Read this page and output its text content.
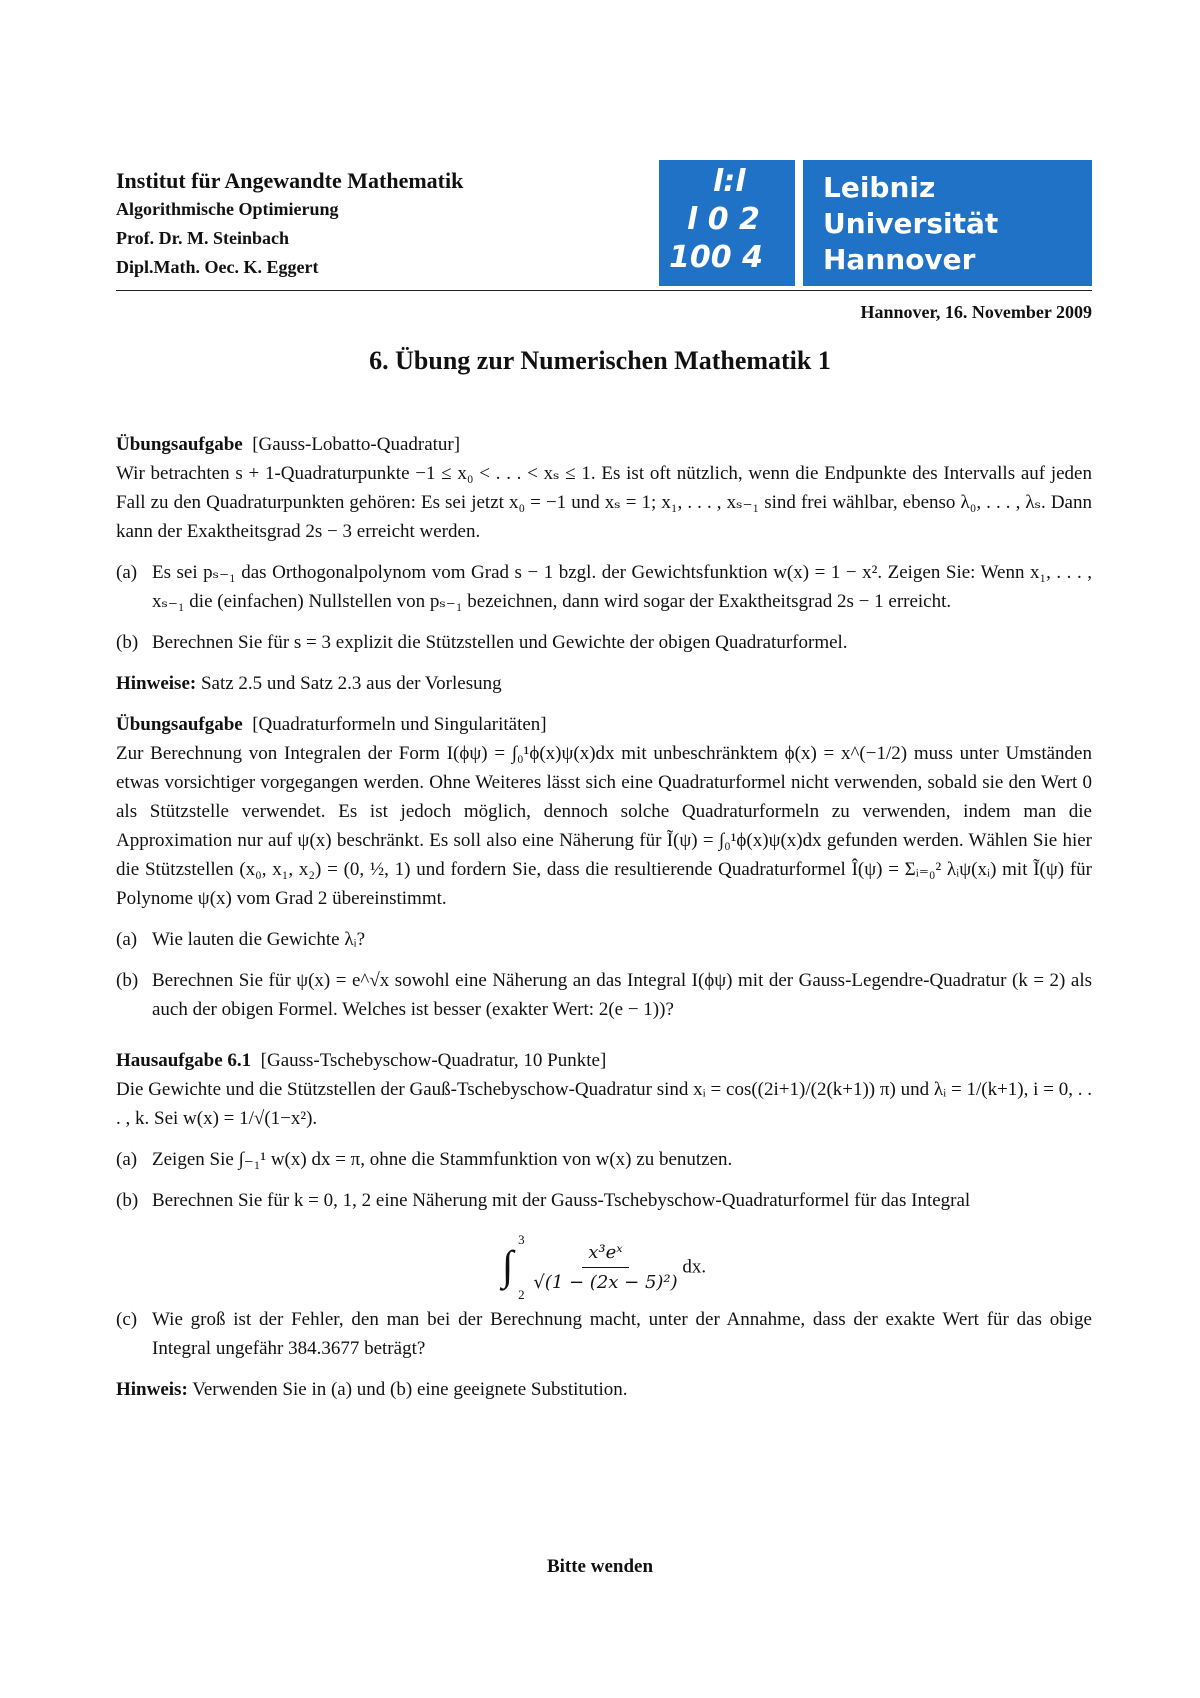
Institut für Angewandte Mathematik
Algorithmische Optimierung
Prof. Dr. M. Steinbach
Dipl.Math. Oec. K. Eggert
l:l
l 0 2
100 4
Leibniz
Universität
Hannover
Hannover, 16. November 2009
6. Übung zur Numerischen Mathematik 1

Übungsaufgabe [Gauss-Lobatto-Quadratur]

Wir betrachten s + 1-Quadraturpunkte −1 ≤ x₀ < . . . < xₛ ≤ 1. Es ist oft nützlich, wenn die Endpunkte des Intervalls auf jeden Fall zu den Quadraturpunkten gehören: Es sei jetzt x₀ = −1 und xₛ = 1; x₁, . . . , xₛ₋₁ sind frei wählbar, ebenso λ₀, . . . , λₛ. Dann kann der Exaktheitsgrad 2s − 3 erreicht werden.

(a) Es sei pₛ₋₁ das Orthogonalpolynom vom Grad s − 1 bzgl. der Gewichtsfunktion w(x) = 1 − x². Zeigen Sie: Wenn x₁, . . . , xₛ₋₁ die (einfachen) Nullstellen von pₛ₋₁ bezeichnen, dann wird sogar der Exaktheitsgrad 2s − 1 erreicht.
(b) Berechnen Sie für s = 3 explizit die Stützstellen und Gewichte der obigen Quadraturformel.

Hinweise: Satz 2.5 und Satz 2.3 aus der Vorlesung

Übungsaufgabe [Quadraturformeln und Singularitäten]

Zur Berechnung von Integralen der Form I(ϕψ) = ∫₀¹ϕ(x)ψ(x)dx mit unbeschränktem ϕ(x) = x^(−1/2) muss unter Umständen etwas vorsichtiger vorgegangen werden. Ohne Weiteres lässt sich eine Quadraturformel nicht verwenden, sobald sie den Wert 0 als Stützstelle verwendet. Es ist jedoch möglich, dennoch solche Quadraturformeln zu verwenden, indem man die Approximation nur auf ψ(x) beschränkt. Es soll also eine Näherung für Ĩ(ψ) = ∫₀¹ϕ(x)ψ(x)dx gefunden werden. Wählen Sie hier die Stützstellen (x₀, x₁, x₂) = (0, ½, 1) und fordern Sie, dass die resultierende Quadraturformel Î(ψ) = Σᵢ₌₀² λᵢψ(xᵢ) mit Ĩ(ψ) für Polynome ψ(x) vom Grad 2 übereinstimmt.

(a) Wie lauten die Gewichte λᵢ?
(b) Berechnen Sie für ψ(x) = e^√x sowohl eine Näherung an das Integral I(ϕψ) mit der Gauss-Legendre-Quadratur (k = 2) als auch der obigen Formel. Welches ist besser (exakter Wert: 2(e − 1))?

Hausaufgabe 6.1 [Gauss-Tschebyschow-Quadratur, 10 Punkte]

Die Gewichte und die Stützstellen der Gauß-Tschebyschow-Quadratur sind xᵢ = cos((2i+1)/(2(k+1)) π) und λᵢ = 1/(k+1), i = 0, . . . , k. Sei w(x) = 1/√(1−x²).

(a) Zeigen Sie ∫₋₁¹ w(x) dx = π, ohne die Stammfunktion von w(x) zu benutzen.
(b) Berechnen Sie für k = 0, 1, 2 eine Näherung mit der Gauss-Tschebyschow-Quadraturformel für das Integral
∫
3
2
$\frac{\text{x³eˣ}}{\text{√(1 − (2x − 5)²)}}$ dx.
(c) Wie groß ist der Fehler, den man bei der Berechnung macht, unter der Annahme, dass der exakte Wert für das obige Integral ungefähr 384.3677 beträgt?

Hinweis: Verwenden Sie in (a) und (b) eine geeignete Substitution.

Bitte wenden
